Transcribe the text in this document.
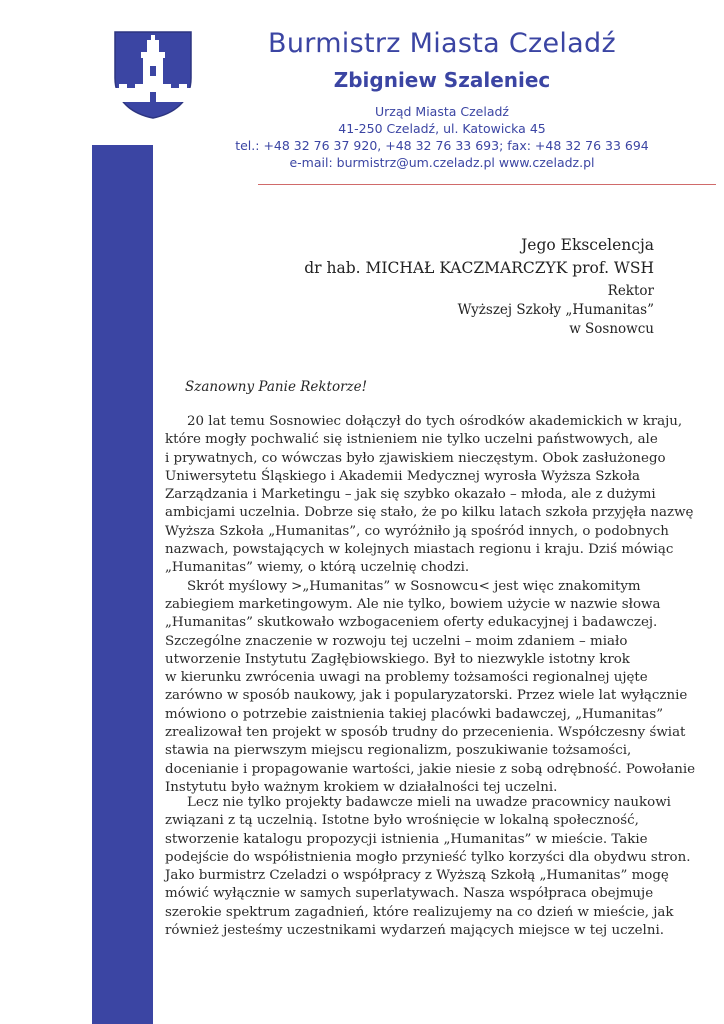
Burmistrz Miasta Czeladź
Zbigniew Szaleniec
Urząd Miasta Czeladź
41-250 Czeladź, ul. Katowicka 45
tel.: +48 32 76 37 920, +48 32 76 33 693; fax: +48 32 76 33 694
e-mail: burmistrz@um.czeladz.pl www.czeladz.pl
Jego Ekscelencja
dr hab. MICHAŁ KACZMARCZYK prof. WSH
Rektor
Wyższej Szkoły „Humanitas”
w Sosnowcu
Szanowny Panie Rektorze!
20 lat temu Sosnowiec dołączył do tych ośrodków akademickich w kraju,
które mogły pochwalić się istnieniem nie tylko uczelni państwowych, ale
i prywatnych, co wówczas było zjawiskiem nieczęstym. Obok zasłużonego
Uniwersytetu Śląskiego i Akademii Medycznej wyrosła Wyższa Szkoła
Zarządzania i Marketingu – jak się szybko okazało – młoda, ale z dużymi
ambicjami uczelnia. Dobrze się stało, że po kilku latach szkoła przyjęła nazwę
Wyższa Szkoła „Humanitas”, co wyróżniło ją spośród innych, o podobnych
nazwach, powstających w kolejnych miastach regionu i kraju. Dziś mówiąc
„Humanitas” wiemy, o którą uczelnię chodzi.
Skrót myślowy >„Humanitas” w Sosnowcu< jest więc znakomitym
zabiegiem marketingowym. Ale nie tylko, bowiem użycie w nazwie słowa
„Humanitas” skutkowało wzbogaceniem oferty edukacyjnej i badawczej.
Szczególne znaczenie w rozwoju tej uczelni – moim zdaniem – miało
utworzenie Instytutu Zagłębiowskiego. Był to niezwykle istotny krok
w kierunku zwrócenia uwagi na problemy tożsamości regionalnej ujęte
zarówno w sposób naukowy, jak i popularyzatorski. Przez wiele lat wyłącznie
mówiono o potrzebie zaistnienia takiej placówki badawczej, „Humanitas”
zrealizował ten projekt w sposób trudny do przecenienia. Współczesny świat
stawia na pierwszym miejscu regionalizm, poszukiwanie tożsamości,
docenianie i propagowanie wartości, jakie niesie z sobą odrębność. Powołanie
Instytutu było ważnym krokiem w działalności tej uczelni.
Lecz nie tylko projekty badawcze mieli na uwadze pracownicy naukowi
związani z tą uczelnią. Istotne było wrośnięcie w lokalną społeczność,
stworzenie katalogu propozycji istnienia „Humanitas” w mieście. Takie
podejście do współistnienia mogło przynieść tylko korzyści dla obydwu stron.
Jako burmistrz Czeladzi o współpracy z Wyższą Szkołą „Humanitas” mogę
mówić wyłącznie w samych superlatywach. Nasza współpraca obejmuje
szerokie spektrum zagadnień, które realizujemy na co dzień w mieście, jak
również jesteśmy uczestnikami wydarzeń mających miejsce w tej uczelni.
